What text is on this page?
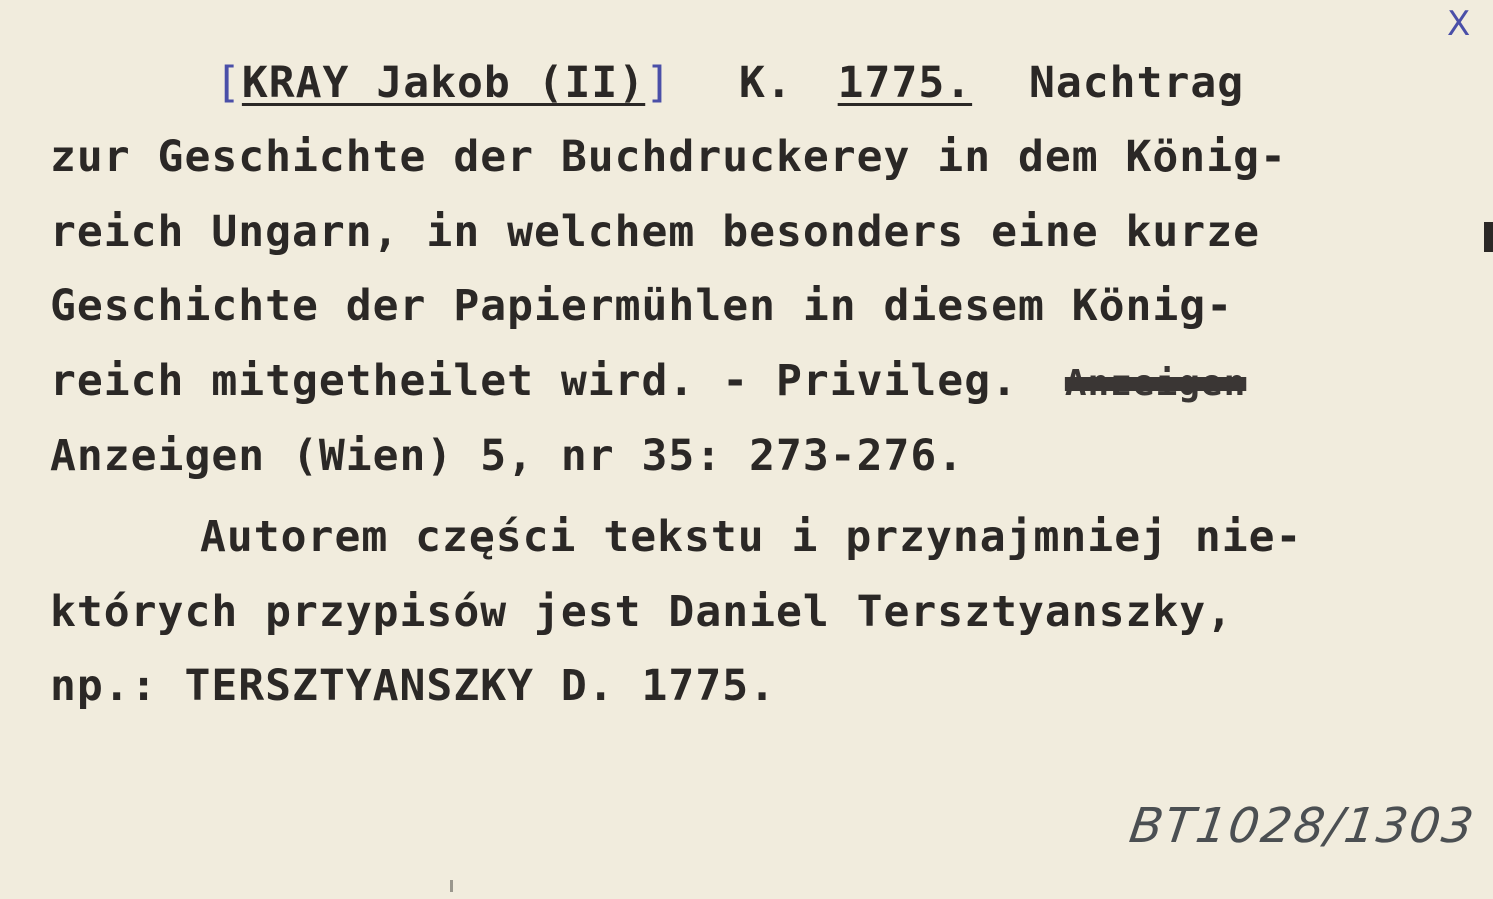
X
[KRAY Jakob (II)] K. 1775. Nachtrag
zur Geschichte der Buchdruckerey in dem König-
reich Ungarn, in welchem besonders eine kurze
Geschichte der Papiermühlen in diesem König-
reich mitgetheilet wird. - Privileg. Anzeigen
Anzeigen (Wien) 5, nr 35: 273-276.
Autorem części tekstu i przynajmniej nie-
których przypisów jest Daniel Tersztyanszky,
np.: TERSZTYANSZKY D. 1775.
BT1028/1303
